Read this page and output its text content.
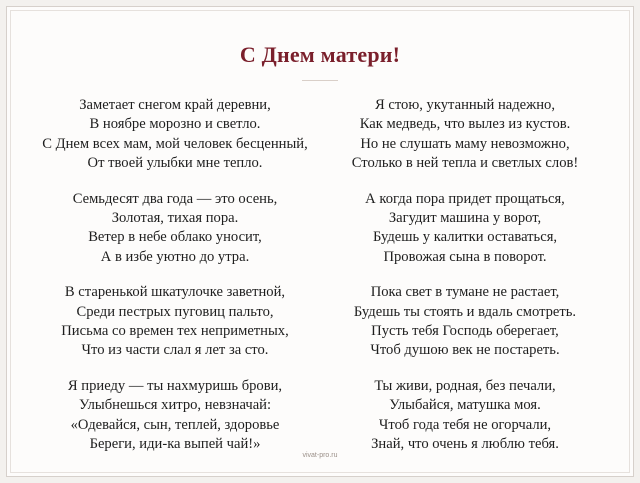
С Днем матери!
Заметает снегом край деревни,
В ноябре морозно и светло.
С Днем всех мам, мой человек бесценный,
От твоей улыбки мне тепло.
Семьдесят два года — это осень,
Золотая, тихая пора.
Ветер в небе облако уносит,
А в избе уютно до утра.
В старенькой шкатулочке заветной,
Среди пестрых пуговиц пальто,
Письма со времен тех неприметных,
Что из части слал я лет за сто.
Я приеду — ты нахмуришь брови,
Улыбнешься хитро, невзначай:
«Одевайся, сын, теплей, здоровье
Береги, иди-ка выпей чай!»
Я стою, укутанный надежно,
Как медведь, что вылез из кустов.
Но не слушать маму невозможно,
Столько в ней тепла и светлых слов!
А когда пора придет прощаться,
Загудит машина у ворот,
Будешь у калитки оставаться,
Провожая сына в поворот.
Пока свет в тумане не растает,
Будешь ты стоять и вдаль смотреть.
Пусть тебя Господь оберегает,
Чтоб душою век не постареть.
Ты живи, родная, без печали,
Улыбайся, матушка моя.
Чтоб года тебя не огорчали,
Знай, что очень я люблю тебя.
vivat-pro.ru
